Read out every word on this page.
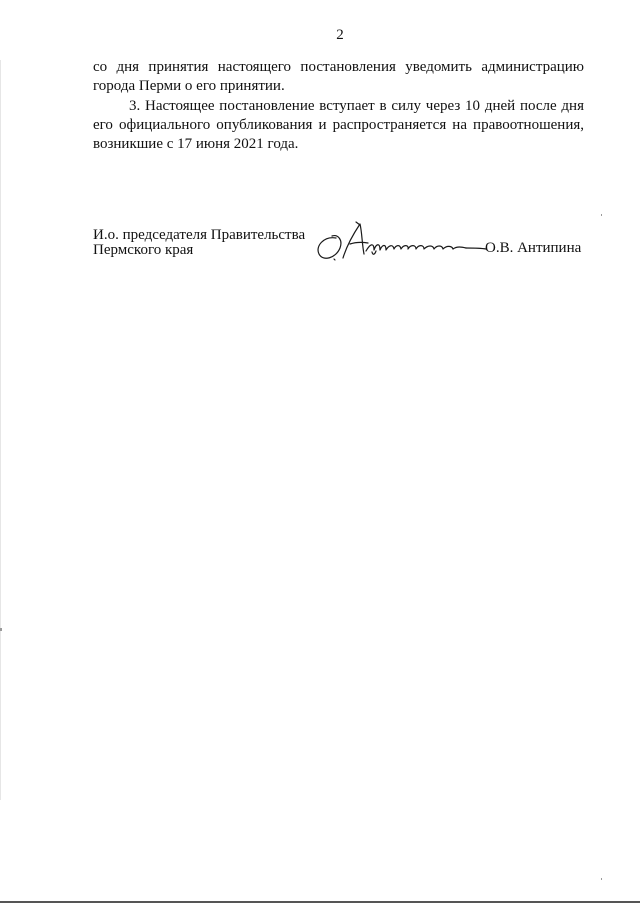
2

со дня принятия настоящего постановления уведомить администрацию города Перми о его принятии.

3. Настоящее постановление вступает в силу через 10 дней после дня его официального опубликования и распространяется на правоотношения, возникшие с 17 июня 2021 года.

И.о. председателя Правительства
Пермского края	О.В. Антипина
